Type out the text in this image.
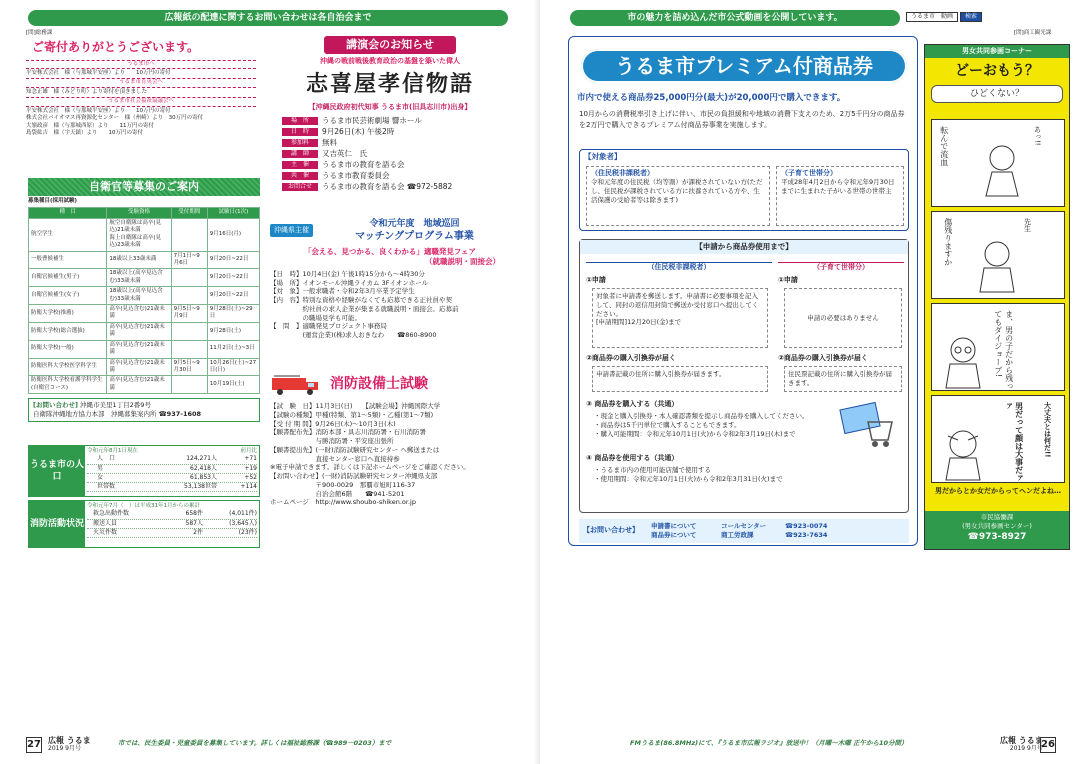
広報紙の配達に関するお問い合わせは各自治会まで
[問]総務課
ご寄付ありがとうございます。
うるま市へ
平安株式会社　様（与那城平安座）より　　10万円の寄付
うるま市育英会へ
知念正雄　様（みどり町）より寄付を頂きました
うるま市社会福祉協議会へ
平安株式会社　様（与那城平安座）より　　10万円の寄付
株式会社バイオマス再資源化センター　様（州崎）より　30万円の寄付
大嶺政彦　様（与那城西原）より　　11万円の寄付
島袋紘吉　様（宇天鎮）より　　10万円の寄付
自衛官等募集のご案内
募集種目(採用試験)
種　目	受験資格	受付期間	試験日(1次)
航空学生	航空自衛隊は高卒(見込)21歳未満
海上自衛隊は高卒(見込)23歳未満		9月16日(月)
一般曹候補生	18歳以上33歳未満	7月1日~9月6日	9月20日~22日
自衛官候補生(男子)	18歳以上(高卒見込含む)33歳未満		9月20日~22日
自衛官候補生(女子)	18歳以上(高卒見込含む)33歳未満		9月20日~22日
防衛大学校(推薦)	高卒(見込含む)21歳未満	9月5日~9月9日	9月28日(土)~29日
防衛大学校(総合選抜)	高卒(見込含む)21歳未満		9月28日(土)
防衛大学校(一般)	高卒(見込含む)21歳未満		11月2日(土)~3日
防衛医科大学校医学科学生	高卒(見込含む)21歳未満	9月5日~9月30日	10月26日(土)~27日(日)
防衛医科大学校看護学科学生(自衛官コース)	高卒(見込含む)21歳未満		10月19日(土)
[お問い合わせ] 沖縄市美里1丁目2番9号
自衛隊沖縄地方協力本部　沖縄募集案内所 ☎937-1608
うるま市の人口
令和元年8月1日現在	前月比
人　口	124,271人	+71
男	62,418人	+19
女	61,853人	+52
世帯数	53,138世帯	+114
消防活動状況
令和元年7月（　）は平成31年1月からの累計
救急出動件数	658件	(4,011件)
搬送人員	587人	(3,645人)
火災件数	2件	(23件)
講演会のお知らせ
沖縄の戦前戦後教育政治の基盤を築いた偉人
志喜屋孝信物語
【沖縄民政府初代知事 うるま市(旧具志川市)出身】
場　所	うるま市民芸術劇場 響ホール
日　時	9月26日(木) 午後2時
参加料	無料
講　師	又吉英仁　氏
主　催	うるま市の教育を語る会
共　催	うるま市教育委員会
お問合せ	うるま市の教育を語る会 ☎972-5882
沖縄県主催
令和元年度　地域巡回
マッチングプログラム事業
「会える、見つかる、良くわかる」適職発見フェア
（就職説明・面接会）
【日　時】10月4日(金) 午後1時15分から～4時30分
【場　所】イオンモール沖縄ライカム 3Fイオンホール
【対　象】一般求職者・令和2年3月卒業予定学生
【内　容】特別な資格や経験がなくても応募できる正社員や契
　　　　　約社員の求人企業が集まる就職説明・面接会。応募前
　　　　　の職場見学も可能。
【　問　】適職発見プロジェクト事務局
　　　　　(運営企業)(株)求人おきなわ　　☎860-8900
消防設備士試験
【試　験　日】11月3日(日)　　【試験会場】沖縄国際大学
【試験の種類】甲種(特類、第1～5類)・乙種(第1～7類)
【受 付 期 間】9月26日(木)～10月3日(木)
【願書配布先】消防本部・具志川消防署・石川消防署
　　　　　　　与勝消防署・平安座出張所
【願書提出先】(一財)消防試験研究センター へ郵送または
　　　　　　　直接センター窓口へ直接持参
※電子申請できます。詳しくは下記ホームページをご確認ください。
【お問い合わせ】(一財)消防試験研究センター沖縄県支部
　　　　　　　〒900-0029　那覇市旭町116-37
　　　　　　　自治会館6階　　☎941-5201
ホームページ　http://www.shoubo-shiken.or.jp
27 広報 うるま
2019 9月号
市では、民生委員・児童委員を募集しています。詳しくは福祉総務課（☎989－0203）まで
市の魅力を詰め込んだ市公式動画を公開しています。	うるま市　動画	検索
[問]商工観光課
うるま市プレミアム付商品券
市内で使える商品券25,000円分(最大)が20,000円で購入できます。
10月からの消費税率引き上げに伴い、市民の負担緩和や地域の消費下支えのため、2万5千円分の商品券を2万円で購入できるプレミアム付商品券事業を実施します。
【対象者】
（住民税非課税者）
令和元年度の住民税（均等割）が課税されていない方(ただし、住民税が課税されている方に扶養されている方や、生活保護の受給者等は除きます)
（子育て世帯分）
平成28年4月2日から令和元年9月30日までに生まれた子がいる世帯の世帯主
【申請から商品券使用まで】
（住民税非課税者）	（子育て世帯分）
①申請	①申請
対象者に申請書を郵送します。申請書に必要事項を記入して、同封の返信用封筒で郵送か受付窓口へ提出してください。
[申請期間]12月20日(金)まで
申請の必要はありません
②商品券の購入引換券が届く	②商品券の購入引換券が届く
申請書記載の住所に購入引換券が届きます。	住民票記載の住所に購入引換券が届きます。
③ 商品券を購入する（共通）
・現金と購入引換券・本人確認書類を提示し商品券を購入してください。
・商品券は5千円単位で購入することもできます。
・購入可能期間：令和元年10月1日(火)から令和2年3月19日(木)まで
④ 商品券を使用する（共通）
・うるま市内の使用可能店舗で使用する
・使用期間：令和元年10月1日(火)から令和2年3月31日(火)まで
【お問い合わせ】
申請書について	コールセンター	☎923-0074
商品券について	商工労政課	☎923-7634
男女共同参画コーナー
どーおもう？
ひどくない？
転んで流血	あっ!!
傷残りますか	先生
ま、男の子だから残ってもダイジョーブ!
男だって顔は大事だァァ	大丈夫とは何だ!!
男だからとか女だからってヘンだよね…
市民協働課
(男女共同参画センター)
☎973-8927
FMうるま(86.8MHz)にて、『うるま市広報ラジオ』放送中！（月曜～木曜 正午から10分間）	広報 うるま
2019 9月号
26
